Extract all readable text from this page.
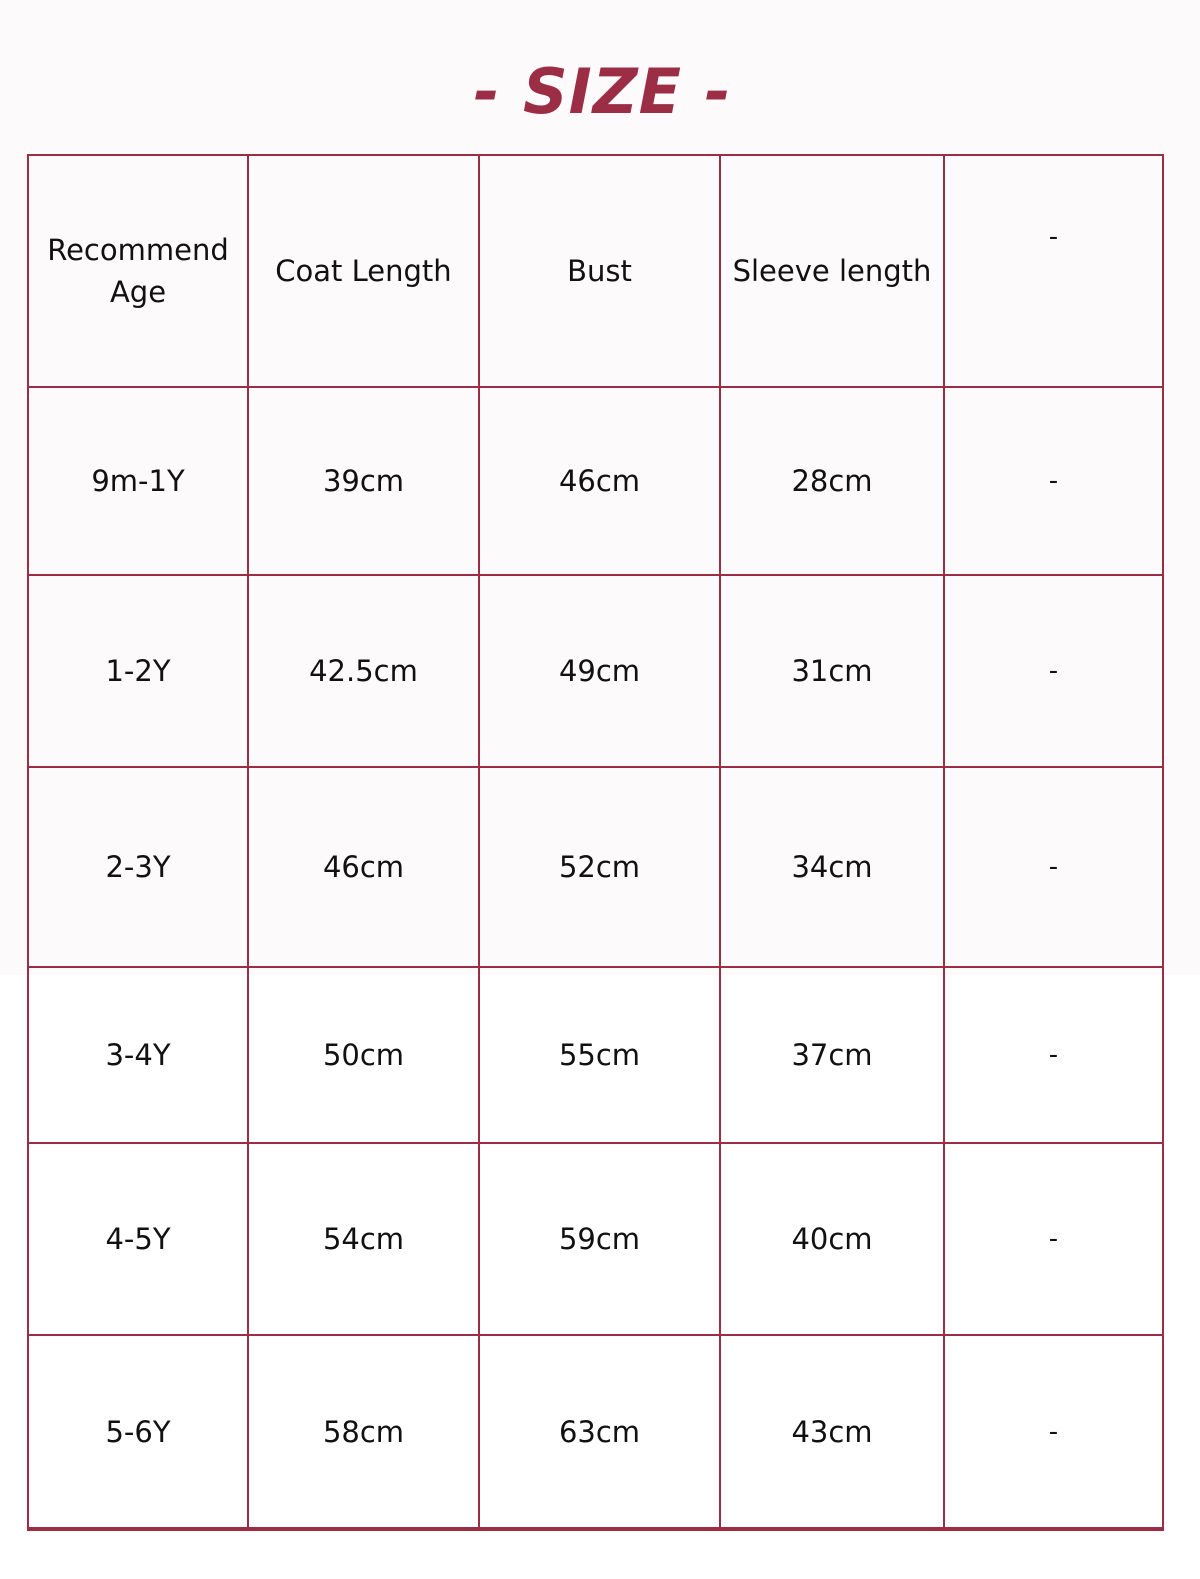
- SIZE -
Recommend Age	Coat Length	Bust	Sleeve length	-
9m-1Y	39cm	46cm	28cm	-
1-2Y	42.5cm	49cm	31cm	-
2-3Y	46cm	52cm	34cm	-
3-4Y	50cm	55cm	37cm	-
4-5Y	54cm	59cm	40cm	-
5-6Y	58cm	63cm	43cm	-
